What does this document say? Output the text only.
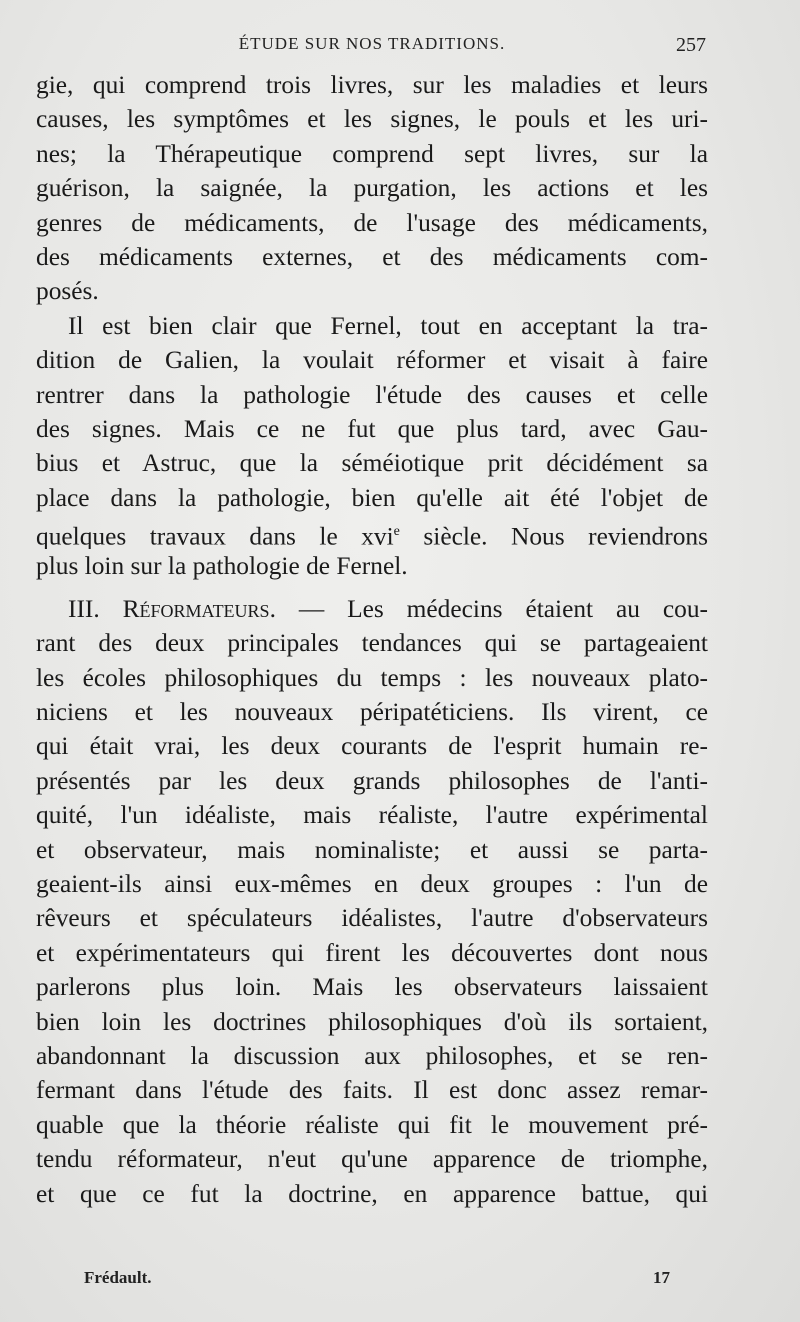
ÉTUDE SUR NOS TRADITIONS.	257
gie, qui comprend trois livres, sur les maladies et leurs
causes, les symptômes et les signes, le pouls et les uri-
nes; la Thérapeutique comprend sept livres, sur la
guérison, la saignée, la purgation, les actions et les
genres de médicaments, de l'usage des médicaments,
des médicaments externes, et des médicaments com-
posés.
Il est bien clair que Fernel, tout en acceptant la tra-
dition de Galien, la voulait réformer et visait à faire
rentrer dans la pathologie l'étude des causes et celle
des signes. Mais ce ne fut que plus tard, avec Gau-
bius et Astruc, que la séméiotique prit décidément sa
place dans la pathologie, bien qu'elle ait été l'objet de
quelques travaux dans le xvi$^e$ siècle. Nous reviendrons
plus loin sur la pathologie de Fernel.
III. Réformateurs. — Les médecins étaient au cou-
rant des deux principales tendances qui se partageaient
les écoles philosophiques du temps : les nouveaux plato-
niciens et les nouveaux péripatéticiens. Ils virent, ce
qui était vrai, les deux courants de l'esprit humain re-
présentés par les deux grands philosophes de l'anti-
quité, l'un idéaliste, mais réaliste, l'autre expérimental
et observateur, mais nominaliste; et aussi se parta-
geaient-ils ainsi eux-mêmes en deux groupes : l'un de
rêveurs et spéculateurs idéalistes, l'autre d'observateurs
et expérimentateurs qui firent les découvertes dont nous
parlerons plus loin. Mais les observateurs laissaient
bien loin les doctrines philosophiques d'où ils sortaient,
abandonnant la discussion aux philosophes, et se ren-
fermant dans l'étude des faits. Il est donc assez remar-
quable que la théorie réaliste qui fit le mouvement pré-
tendu réformateur, n'eut qu'une apparence de triomphe,
et que ce fut la doctrine, en apparence battue, qui
Frédault.	17
